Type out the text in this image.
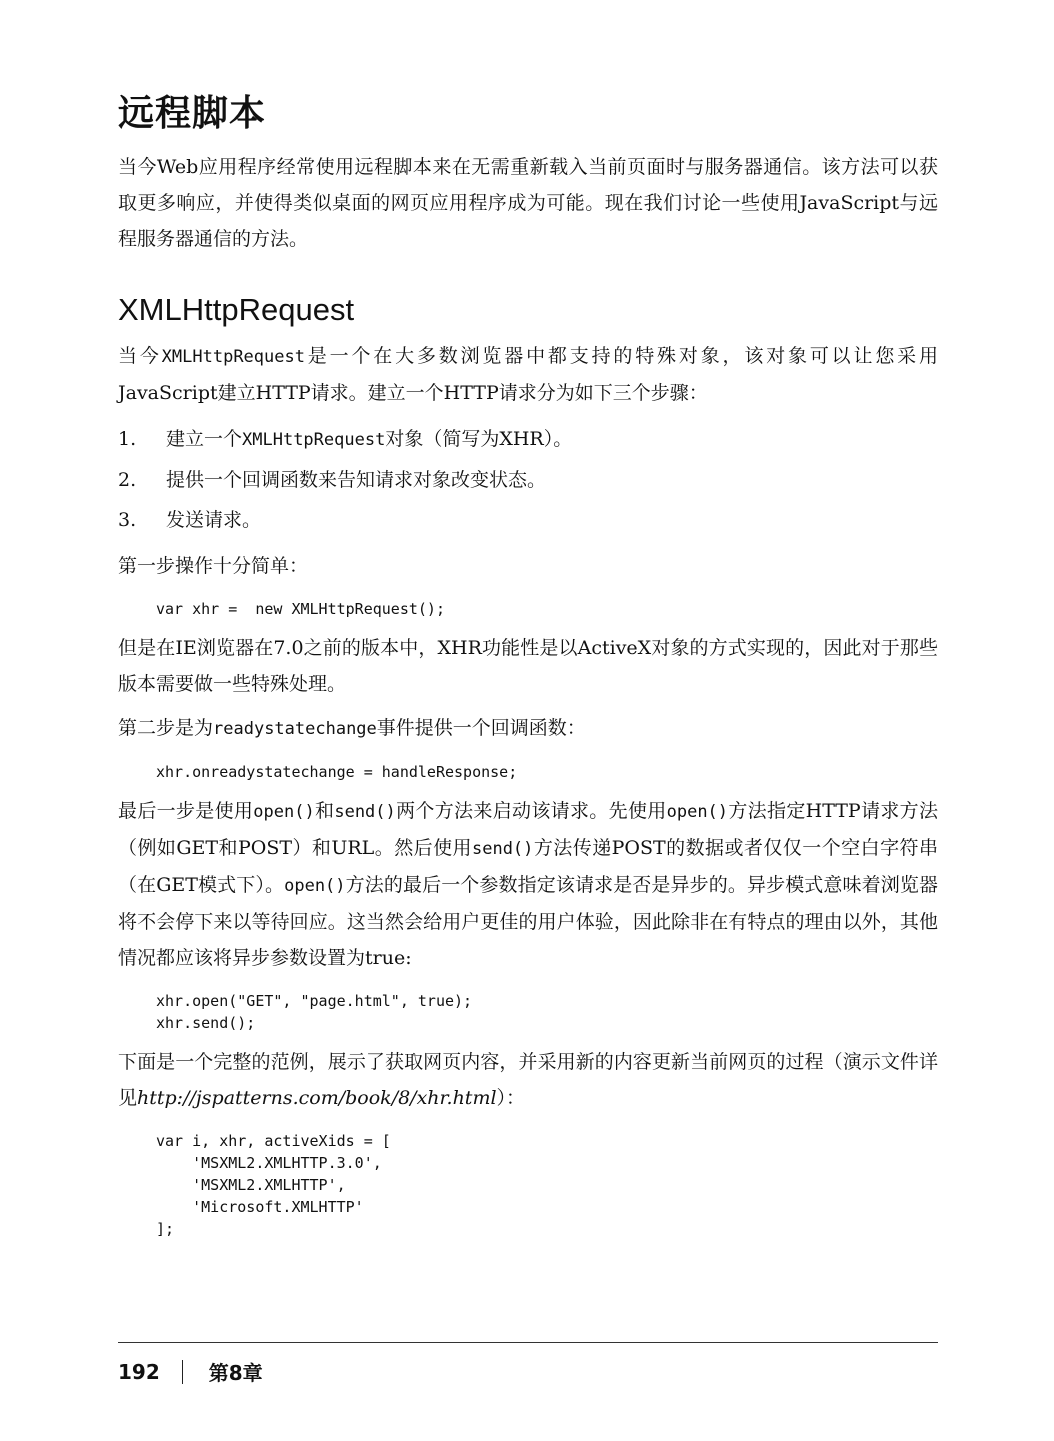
远程脚本

当今Web应用程序经常使用远程脚本来在无需重新载入当前页面时与服务器通信。该方法可以获取更多响应，并使得类似桌面的网页应用程序成为可能。现在我们讨论一些使用JavaScript与远程服务器通信的方法。

XMLHttpRequest

当今XMLHttpRequest是一个在大多数浏览器中都支持的特殊对象，该对象可以让您采用JavaScript建立HTTP请求。建立一个HTTP请求分为如下三个步骤：

1.	建立一个XMLHttpRequest对象（简写为XHR）。
2.	提供一个回调函数来告知请求对象改变状态。
3.	发送请求。

第一步操作十分简单：

var xhr =  new XMLHttpRequest();

但是在IE浏览器在7.0之前的版本中，XHR功能性是以ActiveX对象的方式实现的，因此对于那些版本需要做一些特殊处理。

第二步是为readystatechange事件提供一个回调函数：

xhr.onreadystatechange = handleResponse;

最后一步是使用open()和send()两个方法来启动该请求。先使用open()方法指定HTTP请求方法（例如GET和POST）和URL。然后使用send()方法传递POST的数据或者仅仅一个空白字符串（在GET模式下）。open()方法的最后一个参数指定该请求是否是异步的。异步模式意味着浏览器将不会停下来以等待回应。这当然会给用户更佳的用户体验，因此除非在有特点的理由以外，其他情况都应该将异步参数设置为true:

xhr.open("GET", "page.html", true);
xhr.send();

下面是一个完整的范例，展示了获取网页内容，并采用新的内容更新当前网页的过程（演示文件详见http://jspatterns.com/book/8/xhr.html）：

var i, xhr, activeXids = [
'MSXML2.XMLHTTP.3.0',
'MSXML2.XMLHTTP',
'Microsoft.XMLHTTP'
];
192 第8章
